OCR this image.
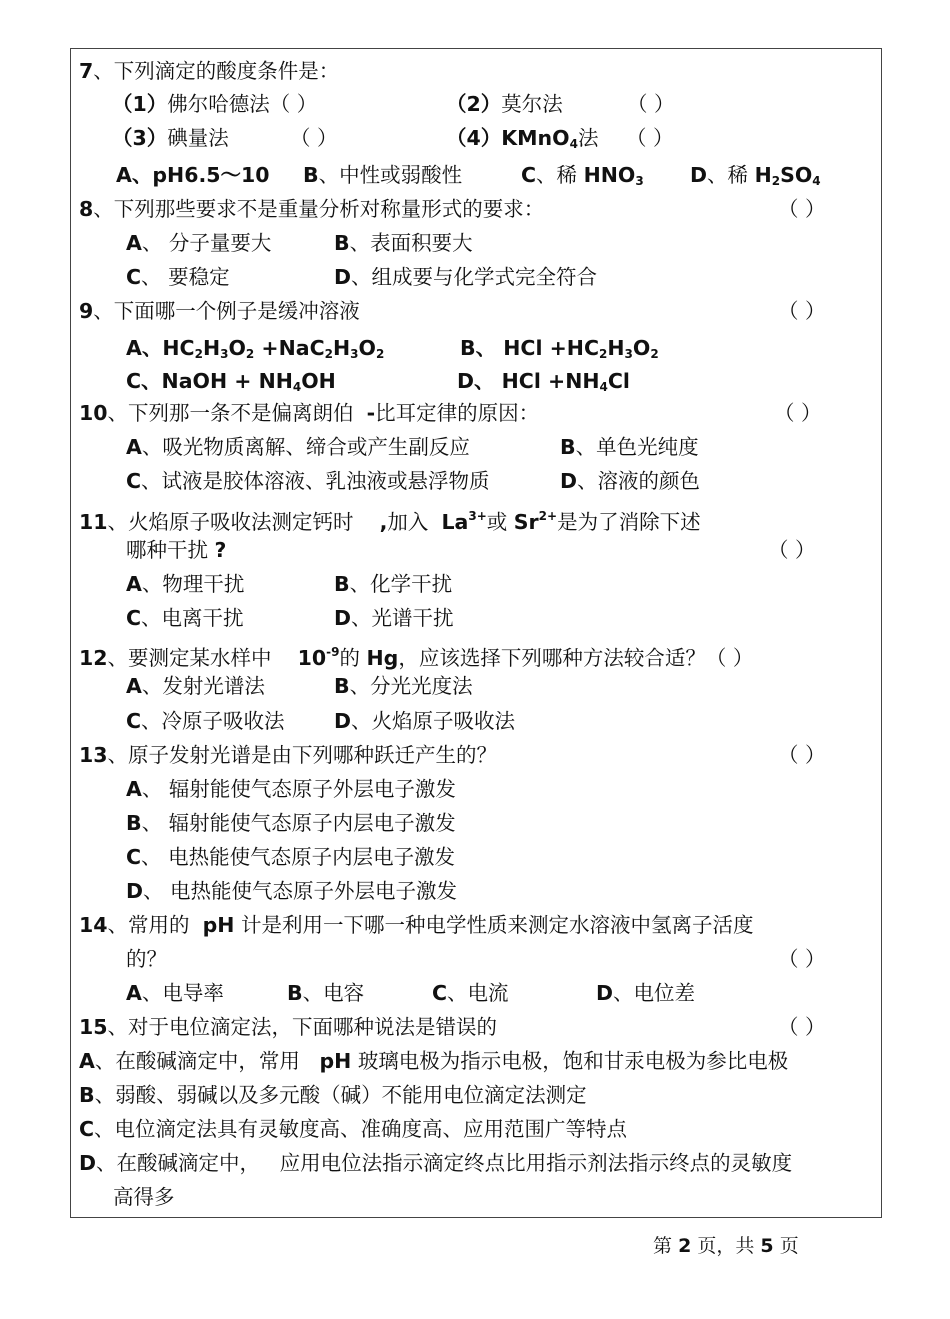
7、下列滴定的酸度条件是：
（1）佛尔哈德法（ ）	（2）莫尔法	（ ）
（3）碘量法	（ ）	（4）KMnO$_4$法 （ ）
A、pH6.5～10 B、中性或弱酸性	C、稀 $HNO_3$ D、稀 $H_2SO_4$
8、下列那些要求不是重量分析对称量形式的要求：	（ ）
A、 分子量要大	B、表面积要大
C、 要稳定	D、组成要与化学式完全符合
9、下面哪一个例子是缓冲溶液	（ ）
A、$HC_2H_3O_2 +NaC_2H_3O_2$	B、 HCl $+HC_2H_3O_2$
C、NaOH + $NH_4OH$	D、 HCl $+NH_4Cl$
10、下列那一条不是偏离朗伯 -比耳定律的原因：	（ ）
A、吸光物质离解、缔合或产生副反应	B、单色光纯度
C、试液是胶体溶液、乳浊液或悬浮物质	D、溶液的颜色
11、火焰原子吸收法测定钙时 ,加入 $La^{3+}$或 $Sr^{2+}$是为了消除下述
哪种干扰 ?	（ ）
A、物理干扰	B、化学干扰
C、电离干扰	D、光谱干扰
12、要测定某水样中 $10^{-9}$的 Hg，应该选择下列哪种方法较合适？（ ）
A、发射光谱法	B、分光光度法
C、冷原子吸收法 D、火焰原子吸收法
13、原子发射光谱是由下列哪种跃迁产生的？	（ ）
A、 辐射能使气态原子外层电子激发
B、 辐射能使气态原子内层电子激发
C、 电热能使气态原子内层电子激发
D、 电热能使气态原子外层电子激发
14、常用的 pH 计是利用一下哪一种电学性质来测定水溶液中氢离子活度
的？	（ ）
A、电导率	B、电容	C、电流	D、电位差
15、对于电位滴定法，下面哪种说法是错误的	（ ）
A、在酸碱滴定中，常用 pH 玻璃电极为指示电极，饱和甘汞电极为参比电极
B、弱酸、弱碱以及多元酸（碱）不能用电位滴定法测定
C、电位滴定法具有灵敏度高、准确度高、应用范围广等特点
D、在酸碱滴定中， 应用电位法指示滴定终点比用指示剂法指示终点的灵敏度
高得多
第 2 页，共 5 页
